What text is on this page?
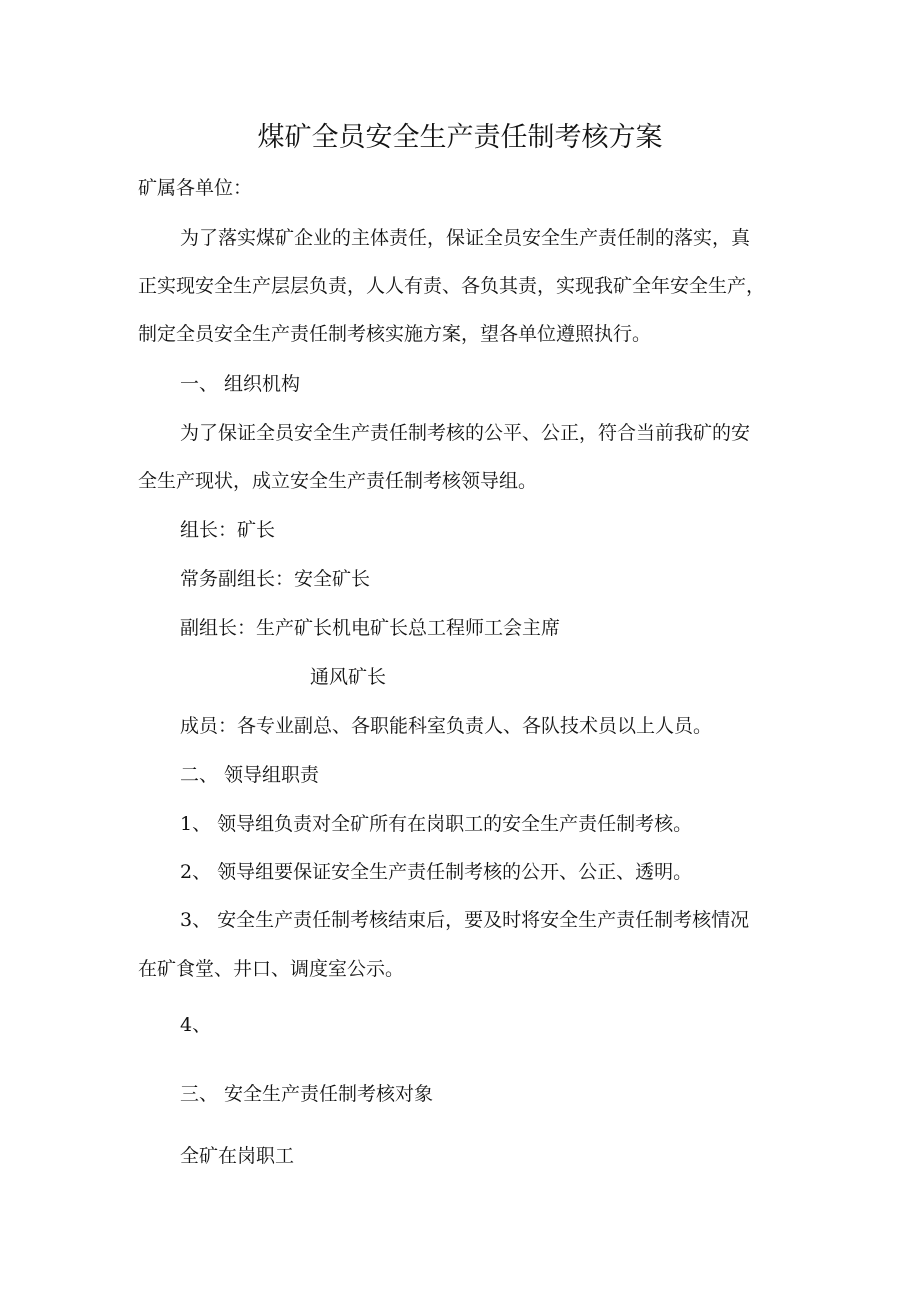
煤矿全员安全生产责任制考核方案

矿属各单位：

为了落实煤矿企业的主体责任，保证全员安全生产责任制的落实，真

正实现安全生产层层负责，人人有责、各负其责，实现我矿全年安全生产，

制定全员安全生产责任制考核实施方案，望各单位遵照执行。

一、 组织机构

为了保证全员安全生产责任制考核的公平、公正，符合当前我矿的安

全生产现状，成立安全生产责任制考核领导组。

组长：矿长

常务副组长：安全矿长

副组长：生产矿长机电矿长总工程师工会主席

通风矿长

成员：各专业副总、各职能科室负责人、各队技术员以上人员。

二、 领导组职责

1、 领导组负责对全矿所有在岗职工的安全生产责任制考核。

2、 领导组要保证安全生产责任制考核的公开、公正、透明。

3、 安全生产责任制考核结束后，要及时将安全生产责任制考核情况

在矿食堂、井口、调度室公示。

4、

三、 安全生产责任制考核对象

全矿在岗职工
